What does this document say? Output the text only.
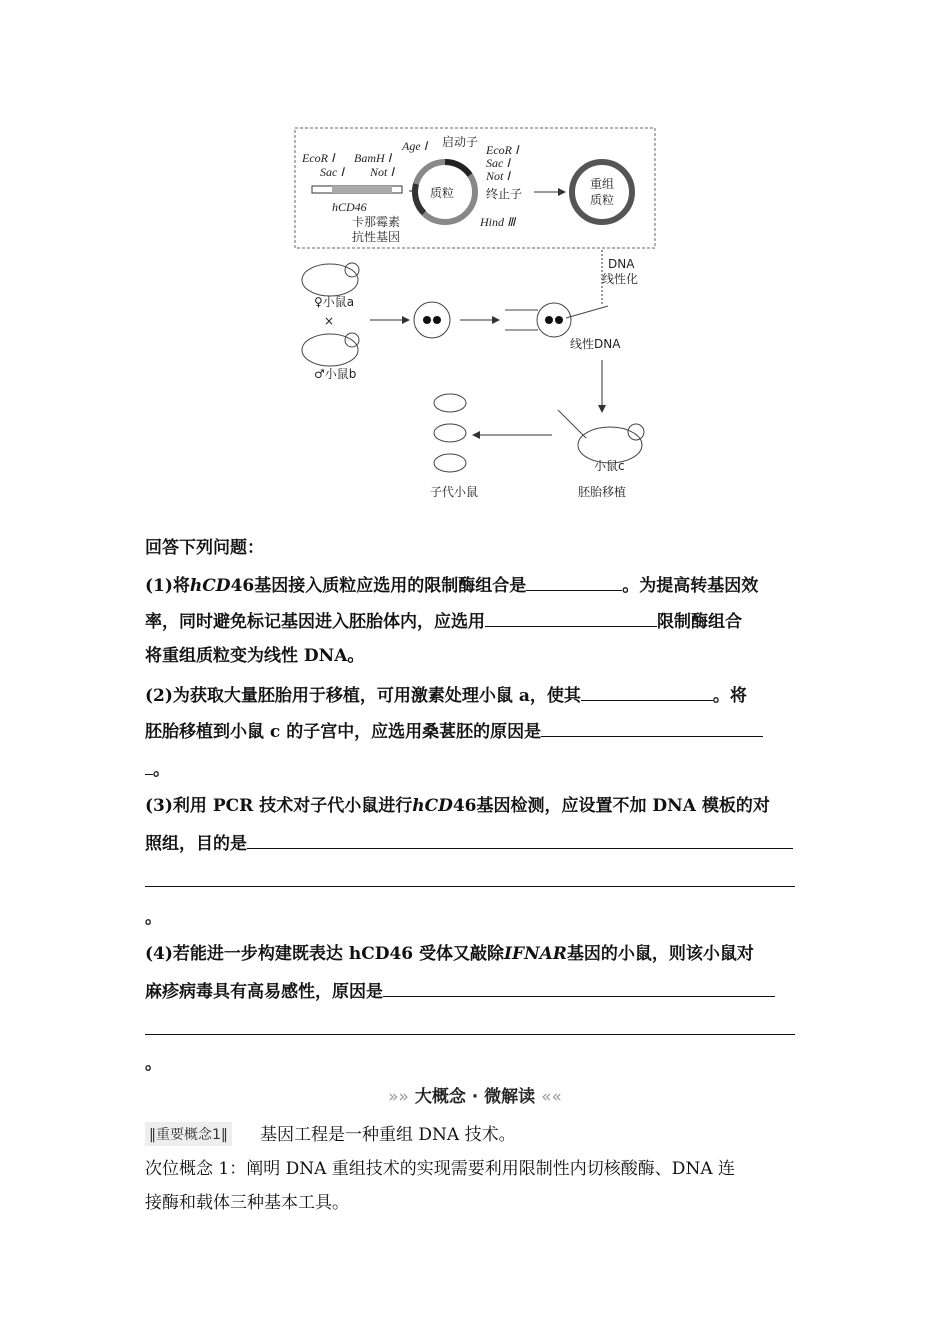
EcoR Ⅰ BamH Ⅰ
Sac Ⅰ Not Ⅰ
hCD46
+ 质粒
Age Ⅰ 启动子
EcoR Ⅰ
Sac Ⅰ
Not Ⅰ
终止子
Hind Ⅲ
卡那霉素
抗性基因
重组
质粒
DNA
线性化
♀小鼠a
×
♂小鼠b
线性DNA
小鼠c
胚胎移植
子代小鼠
回答下列问题：
(1)将hCD46基因接入质粒应选用的限制酶组合是	。为提高转基因效
率，同时避免标记基因进入胚胎体内，应选用	限制酶组合
将重组质粒变为线性 DNA。
(2)为获取大量胚胎用于移植，可用激素处理小鼠 a，使其	。将
胚胎移植到小鼠 c 的子宫中，应选用桑葚胚的原因是
。
(3)利用 PCR 技术对子代小鼠进行hCD46基因检测，应设置不加 DNA 模板的对
照组，目的是
。
(4)若能进一步构建既表达 hCD46 受体又敲除IFNAR基因的小鼠，则该小鼠对
麻疹病毒具有高易感性，原因是
。
»» 大概念 · 微解读 ««
‖重要概念1‖ 基因工程是一种重组 DNA 技术。
次位概念 1：阐明 DNA 重组技术的实现需要利用限制性内切核酸酶、DNA 连
接酶和载体三种基本工具。
